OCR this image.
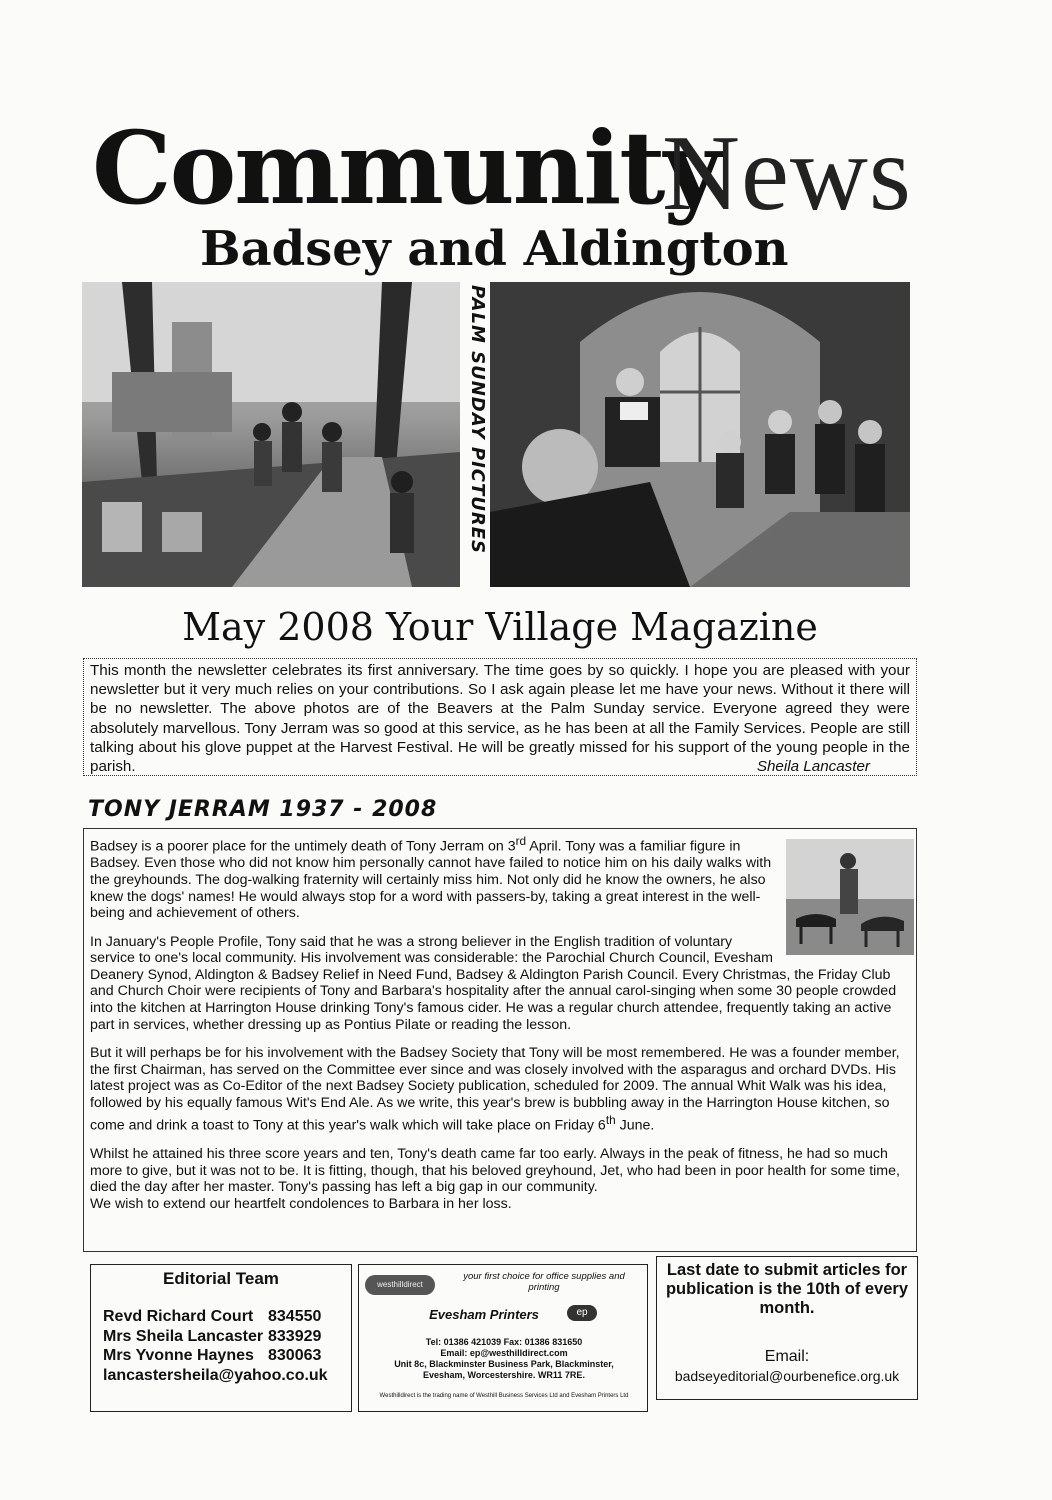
Community
News
Badsey and Aldington
PALM SUNDAY PICTURES
May 2008 Your Village Magazine
This month the newsletter celebrates its first anniversary. The time goes by so quickly. I hope you are pleased with your newsletter but it very much relies on your contributions. So I ask again please let me have your news. Without it there will be no newsletter. The above photos are of the Beavers at the Palm Sunday service. Everyone agreed they were absolutely marvellous. Tony Jerram was so good at this service, as he has been at all the Family Services. People are still talking about his glove puppet at the Harvest Festival. He will be greatly missed for his support of the young people in the parish.	Sheila Lancaster
TONY JERRAM 1937 - 2008

Badsey is a poorer place for the untimely death of Tony Jerram on 3rd April. Tony was a familiar figure in Badsey. Even those who did not know him personally cannot have failed to notice him on his daily walks with the greyhounds. The dog-walking fraternity will certainly miss him. Not only did he know the owners, he also knew the dogs' names! He would always stop for a word with passers-by, taking a great interest in the well-being and achievement of others.

In January's People Profile, Tony said that he was a strong believer in the English tradition of voluntary service to one's local community. His involvement was considerable: the Parochial Church Council, Evesham Deanery Synod, Aldington & Badsey Relief in Need Fund, Badsey & Aldington Parish Council. Every Christmas, the Friday Club and Church Choir were recipients of Tony and Barbara's hospitality after the annual carol-singing when some 30 people crowded into the kitchen at Harrington House drinking Tony's famous cider. He was a regular church attendee, frequently taking an active part in services, whether dressing up as Pontius Pilate or reading the lesson.

But it will perhaps be for his involvement with the Badsey Society that Tony will be most remembered. He was a founder member, the first Chairman, has served on the Committee ever since and was closely involved with the asparagus and orchard DVDs. His latest project was as Co-Editor of the next Badsey Society publication, scheduled for 2009. The annual Whit Walk was his idea, followed by his equally famous Wit's End Ale. As we write, this year's brew is bubbling away in the Harrington House kitchen, so come and drink a toast to Tony at this year's walk which will take place on Friday 6th June.

Whilst he attained his three score years and ten, Tony's death came far too early. Always in the peak of fitness, he had so much more to give, but it was not to be. It is fitting, though, that his beloved greyhound, Jet, who had been in poor health for some time, died the day after her master. Tony's passing has left a big gap in our community.

We wish to extend our heartfelt condolences to Barbara in her loss.

Editorial Team
Revd Richard Court 834550
Mrs Sheila Lancaster 833929
Mrs Yvonne Haynes 830063
lancastersheila@yahoo.co.uk
westhilldirect
your first choice for office supplies and printing
Evesham Printers	ep
Tel: 01386 421039 Fax: 01386 831650
Email: ep@westhilldirect.com
Unit 8c, Blackminster Business Park, Blackminster,
Evesham, Worcestershire. WR11 7RE.
Westhilldirect is the trading name of Westhill Business Services Ltd and Evesham Printers Ltd
Last date to submit articles for publication is the 10th of every month.
Email:
badseyeditorial@ourbenefice.org.uk
